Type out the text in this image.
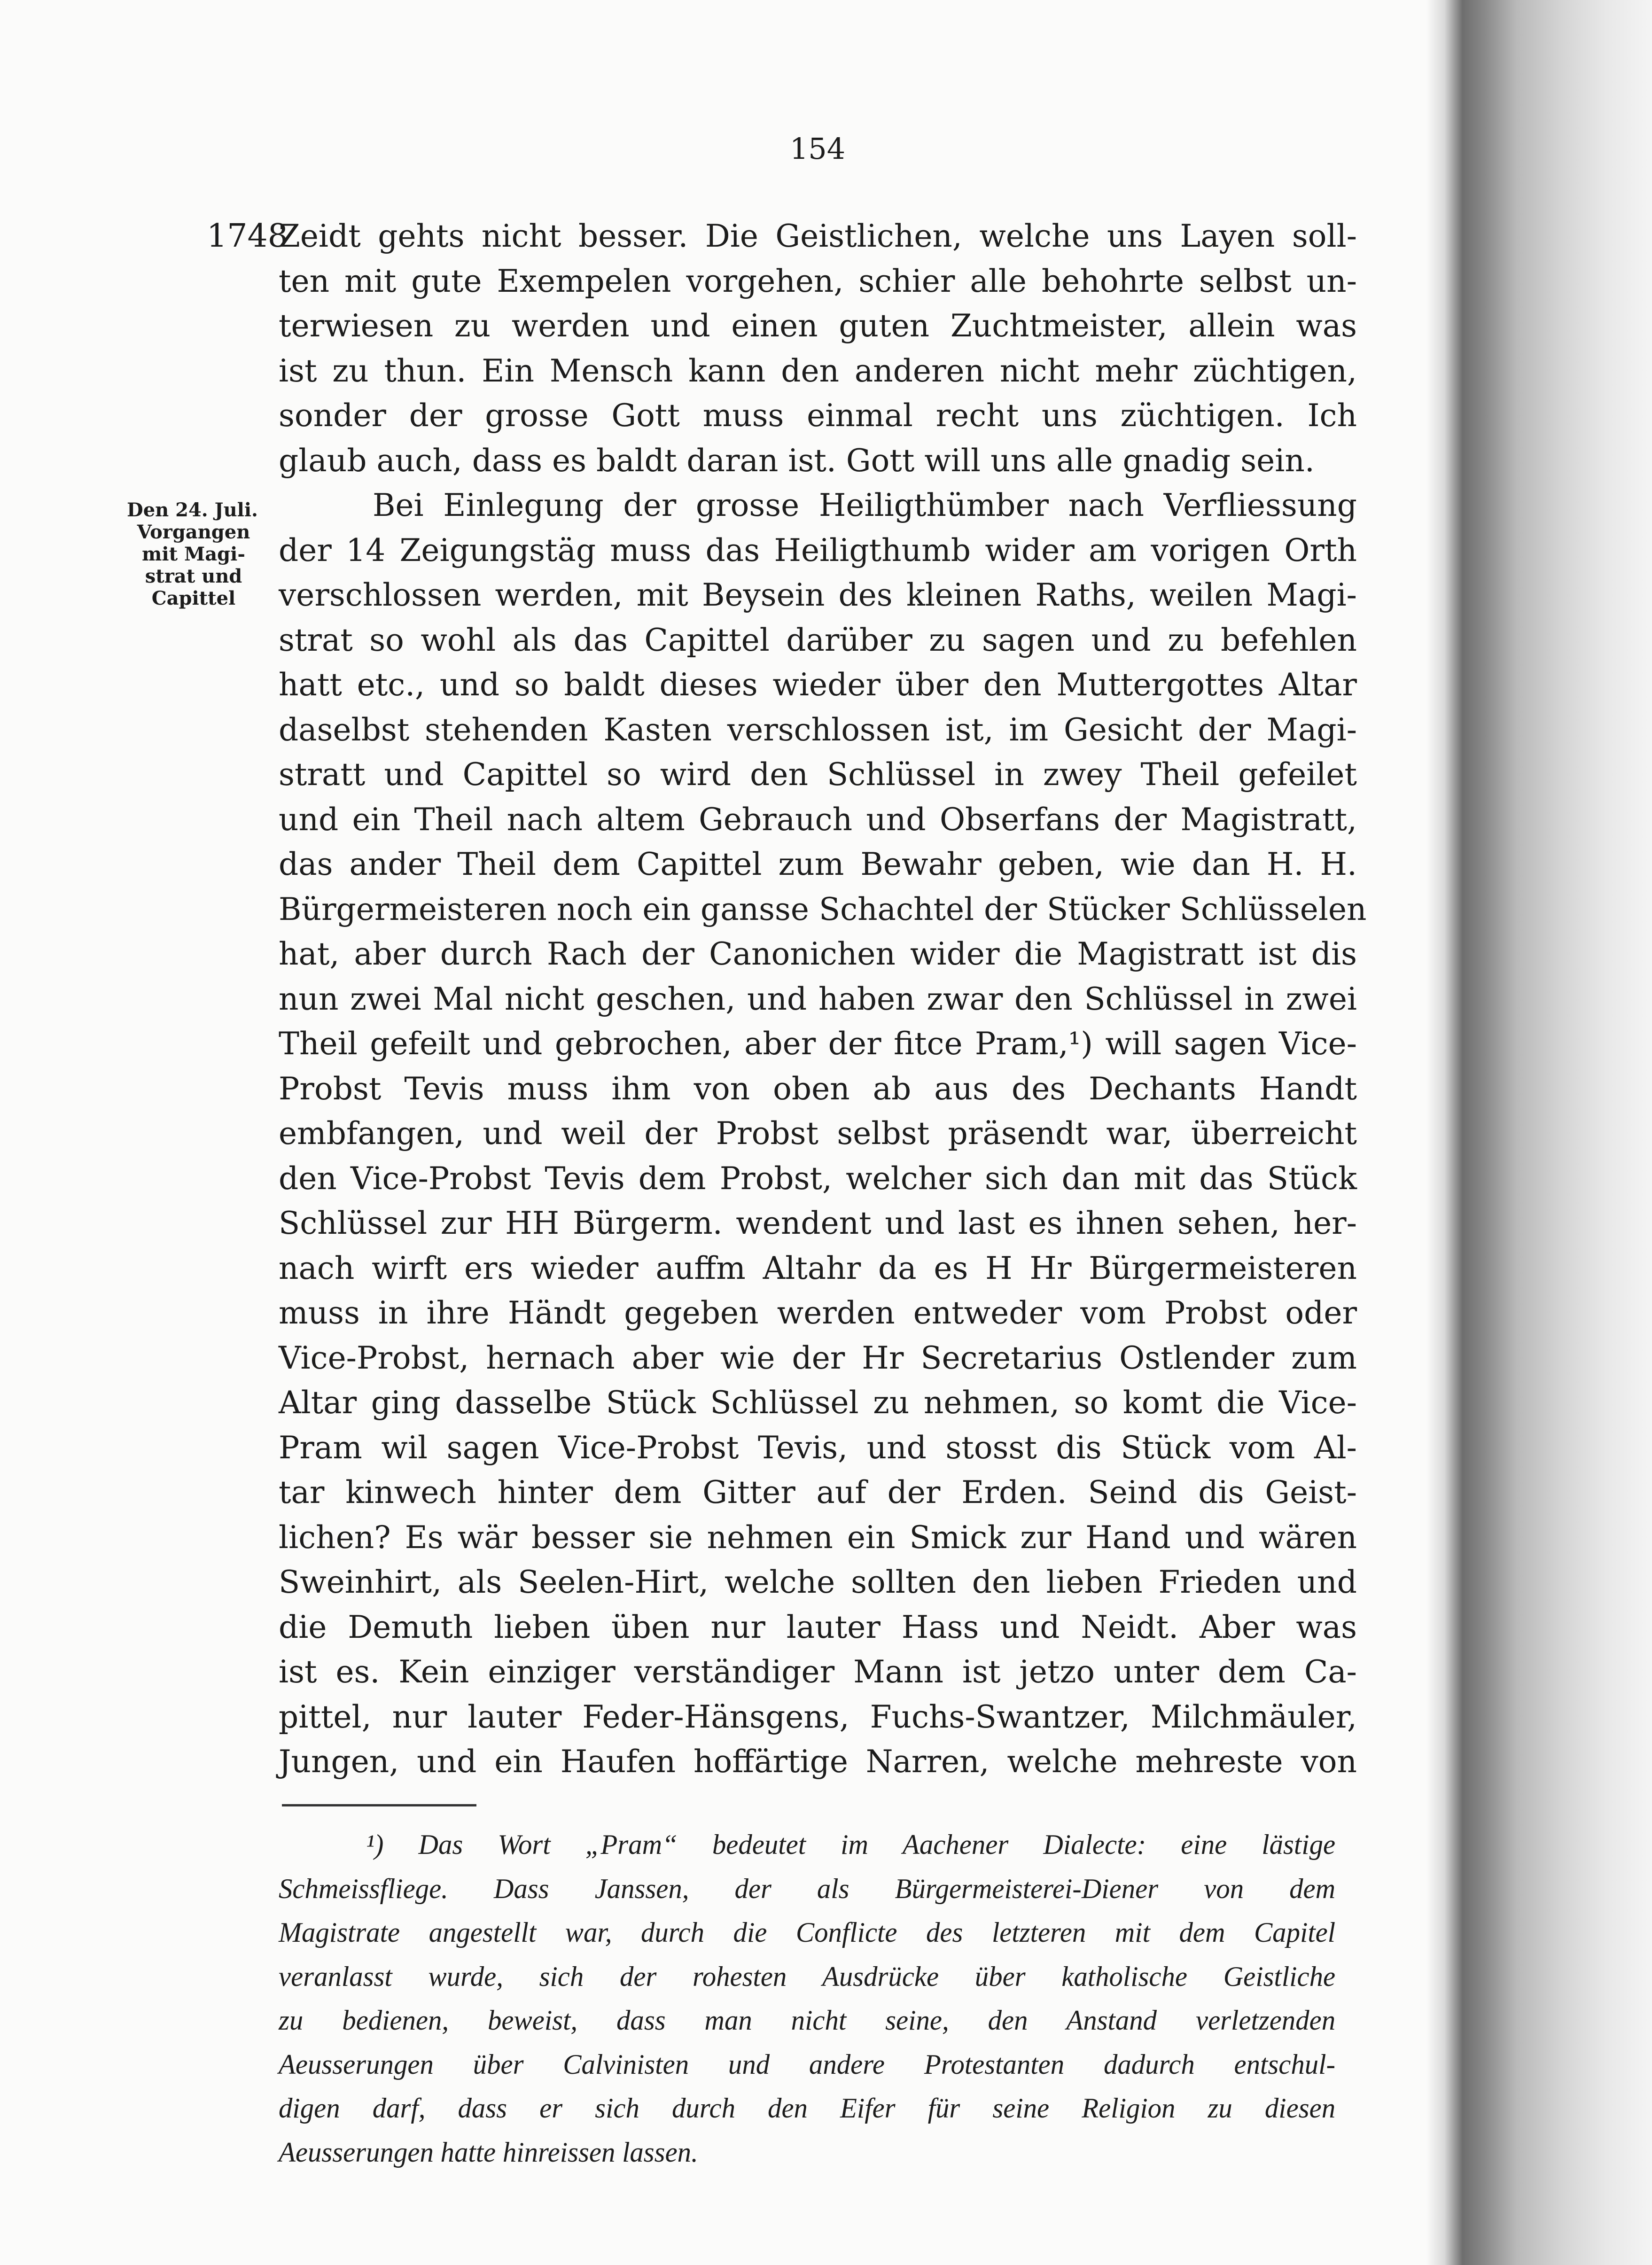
154
1748
Den 24. Juli.
Vorgangen
mit Magi-
strat und
Capittel
Zeidt gehts nicht besser. Die Geistlichen, welche uns Layen soll-
ten mit gute Exempelen vorgehen, schier alle behohrte selbst un-
terwiesen zu werden und einen guten Zuchtmeister, allein was
ist zu thun. Ein Mensch kann den anderen nicht mehr züchtigen,
sonder der grosse Gott muss einmal recht uns züchtigen. Ich
glaub auch, dass es baldt daran ist. Gott will uns alle gnadig sein.
Bei Einlegung der grosse Heiligthümber nach Verfliessung
der 14 Zeigungstäg muss das Heiligthumb wider am vorigen Orth
verschlossen werden, mit Beysein des kleinen Raths, weilen Magi-
strat so wohl als das Capittel darüber zu sagen und zu befehlen
hatt etc., und so baldt dieses wieder über den Muttergottes Altar
daselbst stehenden Kasten verschlossen ist, im Gesicht der Magi-
stratt und Capittel so wird den Schlüssel in zwey Theil gefeilet
und ein Theil nach altem Gebrauch und Obserfans der Magistratt,
das ander Theil dem Capittel zum Bewahr geben, wie dan H. H.
Bürgermeisteren noch ein gansse Schachtel der Stücker Schlüsselen
hat, aber durch Rach der Canonichen wider die Magistratt ist dis
nun zwei Mal nicht geschen, und haben zwar den Schlüssel in zwei
Theil gefeilt und gebrochen, aber der fitce Pram,¹) will sagen Vice-
Probst Tevis muss ihm von oben ab aus des Dechants Handt
embfangen, und weil der Probst selbst präsendt war, überreicht
den Vice-Probst Tevis dem Probst, welcher sich dan mit das Stück
Schlüssel zur HH Bürgerm. wendent und last es ihnen sehen, her-
nach wirft ers wieder auffm Altahr da es H Hr Bürgermeisteren
muss in ihre Händt gegeben werden entweder vom Probst oder
Vice-Probst, hernach aber wie der Hr Secretarius Ostlender zum
Altar ging dasselbe Stück Schlüssel zu nehmen, so komt die Vice-
Pram wil sagen Vice-Probst Tevis, und stosst dis Stück vom Al-
tar kinwech hinter dem Gitter auf der Erden. Seind dis Geist-
lichen? Es wär besser sie nehmen ein Smick zur Hand und wären
Sweinhirt, als Seelen-Hirt, welche sollten den lieben Frieden und
die Demuth lieben üben nur lauter Hass und Neidt. Aber was
ist es. Kein einziger verständiger Mann ist jetzo unter dem Ca-
pittel, nur lauter Feder-Hänsgens, Fuchs-Swantzer, Milchmäuler,
Jungen, und ein Haufen hoffärtige Narren, welche mehreste von
¹) Das Wort „Pram“ bedeutet im Aachener Dialecte: eine lästige
Schmeissfliege. Dass Janssen, der als Bürgermeisterei-Diener von dem
Magistrate angestellt war, durch die Conflicte des letzteren mit dem Capitel
veranlasst wurde, sich der rohesten Ausdrücke über katholische Geistliche
zu bedienen, beweist, dass man nicht seine, den Anstand verletzenden
Aeusserungen über Calvinisten und andere Protestanten dadurch entschul-
digen darf, dass er sich durch den Eifer für seine Religion zu diesen
Aeusserungen hatte hinreissen lassen.
